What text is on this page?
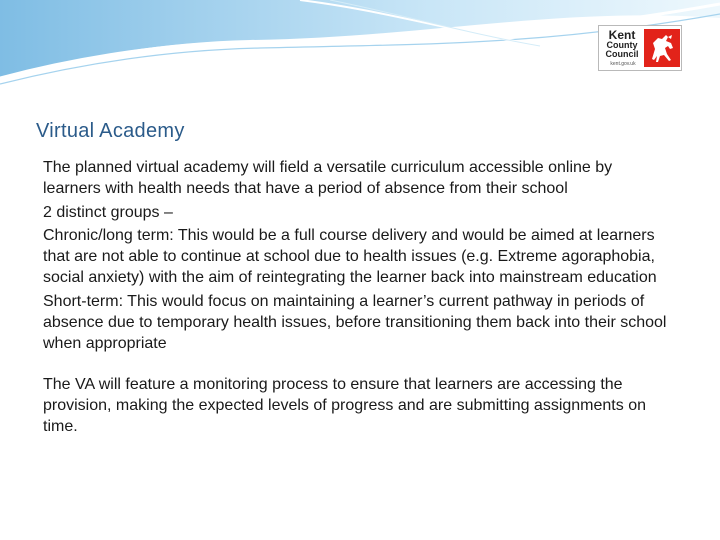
Kent
County
Council
kent.gov.uk
Virtual Academy

The planned virtual academy will field a versatile curriculum accessible online by learners with health needs that have a period of absence from their school

2 distinct groups –

Chronic/long term: This would be a full course delivery and would be aimed at learners that are not able to continue at school due to health issues (e.g. Extreme agoraphobia, social anxiety) with the aim of reintegrating the learner back into mainstream education

Short-term: This would focus on maintaining a learner’s current pathway in periods of absence due to temporary health issues, before transitioning them back into their school when appropriate

The VA will feature a monitoring process to ensure that learners are accessing the provision, making the expected levels of progress and are submitting assignments on time.
